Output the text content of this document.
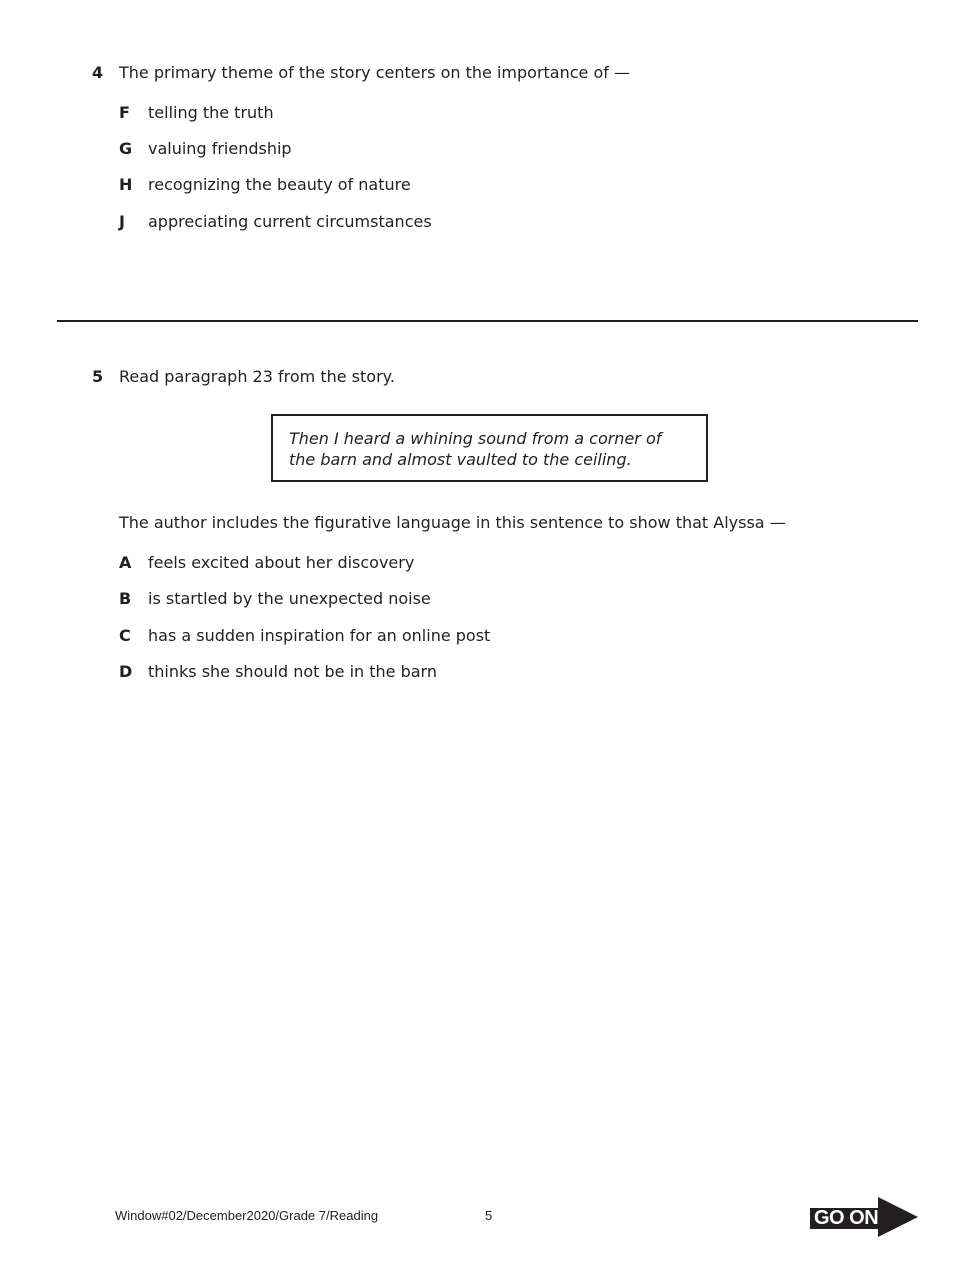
4 The primary theme of the story centers on the importance of —
F	telling the truth
G valuing friendship
H recognizing the beauty of nature
J	appreciating current circumstances
5 Read paragraph 23 from the story.
Then I heard a whining sound from a corner of
the barn and almost vaulted to the ceiling.
The author includes the figurative language in this sentence to show that Alyssa —
A	feels excited about her discovery
B	is startled by the unexpected noise
C	has a sudden inspiration for an online post
D thinks she should not be in the barn
Window#02/December2020/Grade 7/Reading	5	GO ON
